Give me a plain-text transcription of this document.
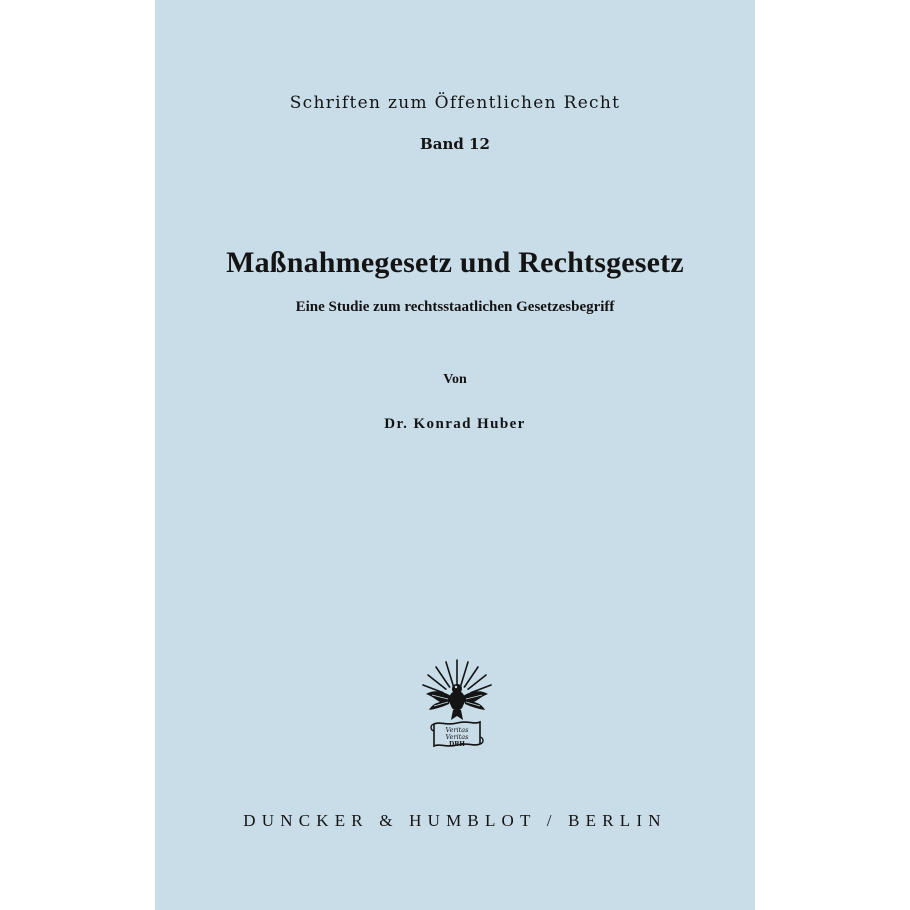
Schriften zum Öffentlichen Recht
Band 12
Maßnahmegesetz und Rechtsgesetz
Eine Studie zum rechtsstaatlichen Gesetzesbegriff
Von
Dr. Konrad Huber
Veritas
Veritas
DBH
DUNCKER & HUMBLOT / BERLIN
